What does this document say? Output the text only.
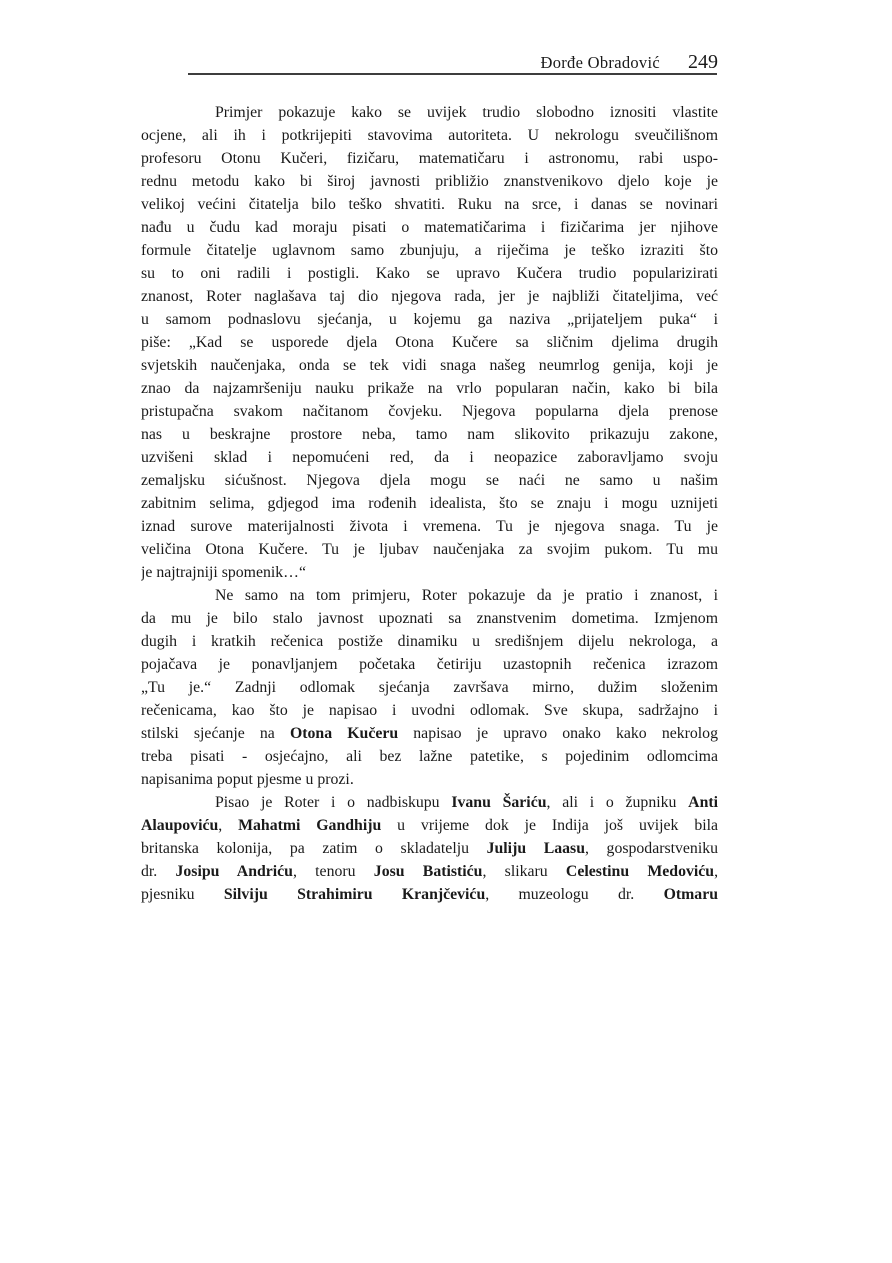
Đorđe Obradović 249
Primjer pokazuje kako se uvijek trudio slobodno iznositi vlastite
ocjene, ali ih i potkrijepiti stavovima autoriteta. U nekrologu sveučilišnom
profesoru Otonu Kučeri, fizičaru, matematičaru i astronomu, rabi uspo-
rednu metodu kako bi široj javnosti približio znanstvenikovo djelo koje je
velikoj većini čitatelja bilo teško shvatiti. Ruku na srce, i danas se novinari
nađu u čudu kad moraju pisati o matematičarima i fizičarima jer njihove
formule čitatelje uglavnom samo zbunjuju, a riječima je teško izraziti što
su to oni radili i postigli. Kako se upravo Kučera trudio popularizirati
znanost, Roter naglašava taj dio njegova rada, jer je najbliži čitateljima, već
u samom podnaslovu sjećanja, u kojemu ga naziva „prijateljem puka“ i
piše: „Kad se usporede djela Otona Kučere sa sličnim djelima drugih
svjetskih naučenjaka, onda se tek vidi snaga našeg neumrlog genija, koji je
znao da najzamršeniju nauku prikaže na vrlo popularan način, kako bi bila
pristupačna svakom načitanom čovjeku. Njegova popularna djela prenose
nas u beskrajne prostore neba, tamo nam slikovito prikazuju zakone,
uzvišeni sklad i nepomućeni red, da i neopazice zaboravljamo svoju
zemaljsku sićušnost. Njegova djela mogu se naći ne samo u našim
zabitnim selima, gdjegod ima rođenih idealista, što se znaju i mogu uznijeti
iznad surove materijalnosti života i vremena. Tu je njegova snaga. Tu je
veličina Otona Kučere. Tu je ljubav naučenjaka za svojim pukom. Tu mu
je najtrajniji spomenik…“
Ne samo na tom primjeru, Roter pokazuje da je pratio i znanost, i
da mu je bilo stalo javnost upoznati sa znanstvenim dometima. Izmjenom
dugih i kratkih rečenica postiže dinamiku u središnjem dijelu nekrologa, a
pojačava je ponavljanjem početaka četiriju uzastopnih rečenica izrazom
„Tu je.“ Zadnji odlomak sjećanja završava mirno, dužim složenim
rečenicama, kao što je napisao i uvodni odlomak. Sve skupa, sadržajno i
stilski sjećanje na Otona Kučeru napisao je upravo onako kako nekrolog
treba pisati - osjećajno, ali bez lažne patetike, s pojedinim odlomcima
napisanima poput pjesme u prozi.
Pisao je Roter i o nadbiskupu Ivanu Šariću, ali i o župniku Anti
Alaupoviću, Mahatmi Gandhiju u vrijeme dok je Indija još uvijek bila
britanska kolonija, pa zatim o skladatelju Juliju Laasu, gospodarstveniku
dr. Josipu Andriću, tenoru Josu Batistiću, slikaru Celestinu Medoviću,
pjesniku Silviju Strahimiru Kranjčeviću, muzeologu dr. Otmaru
